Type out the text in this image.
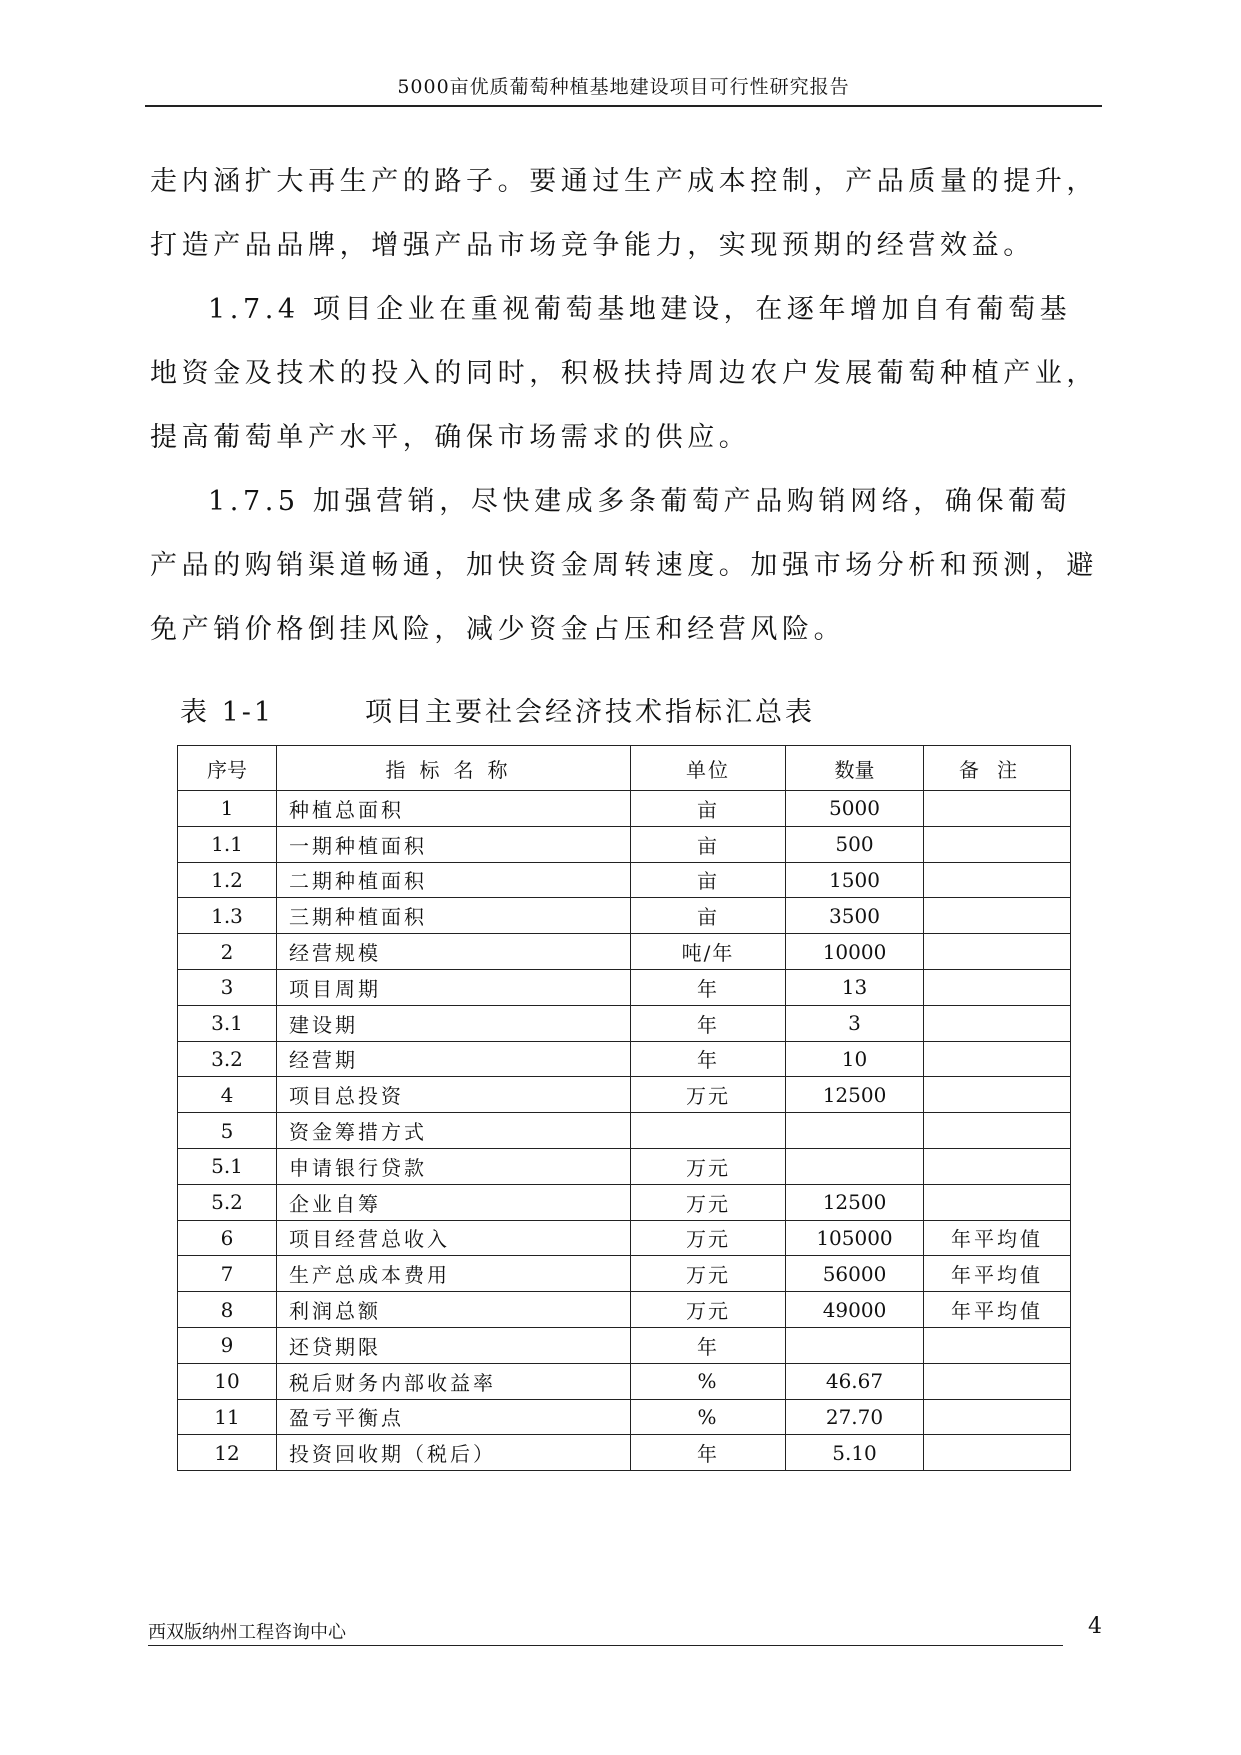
5000亩优质葡萄种植基地建设项目可行性研究报告

走内涵扩大再生产的路子。要通过生产成本控制，产品质量的提升，打造产品品牌，增强产品市场竞争能力，实现预期的经营效益。

1.7.4 项目企业在重视葡萄基地建设，在逐年增加自有葡萄基地资金及技术的投入的同时，积极扶持周边农户发展葡萄种植产业，提高葡萄单产水平，确保市场需求的供应。

1.7.5 加强营销，尽快建成多条葡萄产品购销网络，确保葡萄产品的购销渠道畅通，加快资金周转速度。加强市场分析和预测，避免产销价格倒挂风险，减少资金占压和经营风险。

表 1-1	项目主要社会经济技术指标汇总表
序号	指标名称	单位	数量	备注
1	种植总面积	亩	5000	
1.1	一期种植面积	亩	500	
1.2	二期种植面积	亩	1500	
1.3	三期种植面积	亩	3500	
2	经营规模	吨/年	10000	
3	项目周期	年	13	
3.1	建设期	年	3	
3.2	经营期	年	10	
4	项目总投资	万元	12500	
5	资金筹措方式			
5.1	申请银行贷款	万元		
5.2	企业自筹	万元	12500	
6	项目经营总收入	万元	105000	年平均值
7	生产总成本费用	万元	56000	年平均值
8	利润总额	万元	49000	年平均值
9	还贷期限	年		
10	税后财务内部收益率	%	46.67	
11	盈亏平衡点	%	27.70	
12	投资回收期（税后）	年	5.10	
西双版纳州工程咨询中心	4
